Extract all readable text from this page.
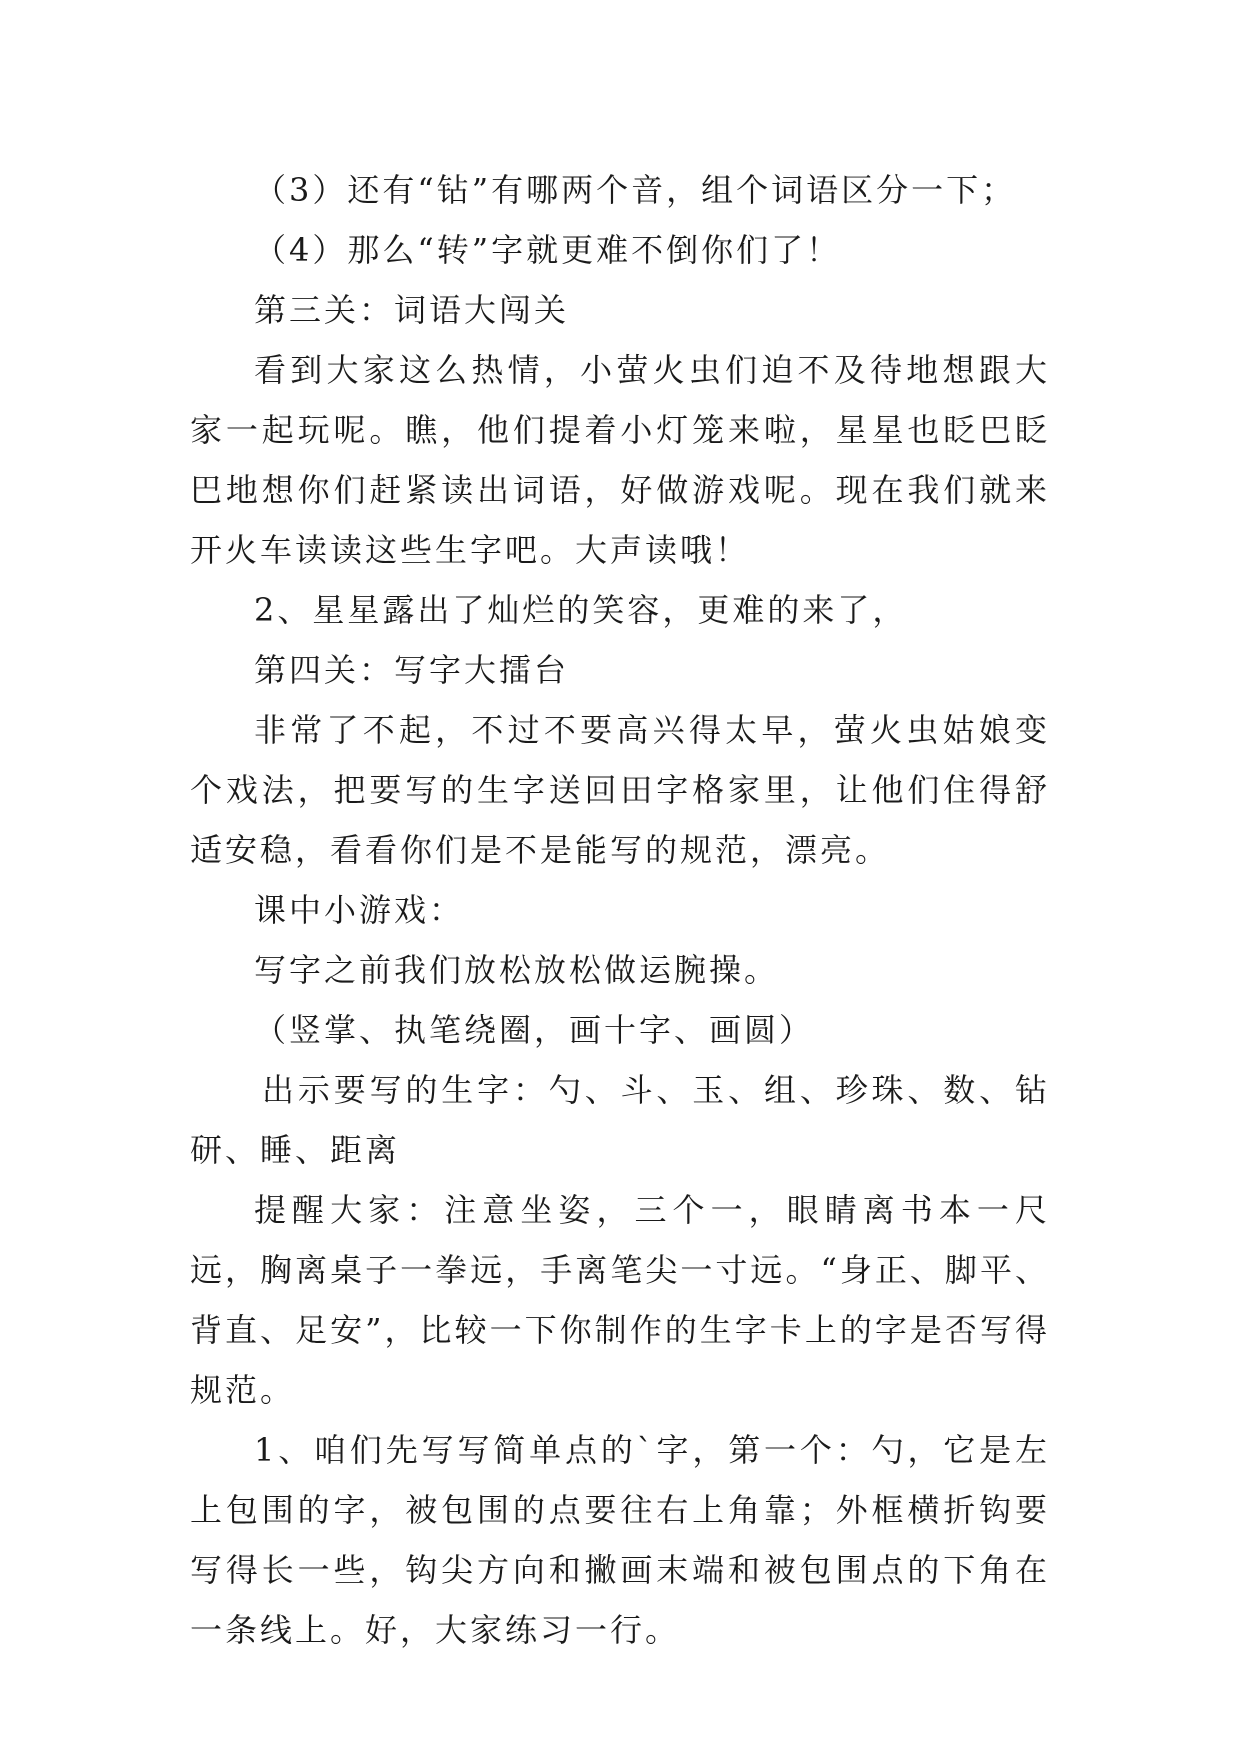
（3）还有“钻”有哪两个音，组个词语区分一下；

（4）那么“转”字就更难不倒你们了！

第三关：词语大闯关

看到大家这么热情，小萤火虫们迫不及待地想跟大家一起玩呢。瞧，他们提着小灯笼来啦，星星也眨巴眨巴地想你们赶紧读出词语，好做游戏呢。现在我们就来开火车读读这些生字吧。大声读哦！

2、星星露出了灿烂的笑容，更难的来了，

第四关：写字大擂台

非常了不起，不过不要高兴得太早，萤火虫姑娘变个戏法，把要写的生字送回田字格家里，让他们住得舒适安稳，看看你们是不是能写的规范，漂亮。

课中小游戏：

写字之前我们放松放松做运腕操。

（竖掌、执笔绕圈，画十字、画圆）

出示要写的生字：勺、斗、玉、组、珍珠、数、钻研、睡、距离

提醒大家：注意坐姿，三个一，眼睛离书本一尺远，胸离桌子一拳远，手离笔尖一寸远。“身正、脚平、背直、足安”，比较一下你制作的生字卡上的字是否写得规范。

1、咱们先写写简单点的`字，第一个：勺，它是左上包围的字，被包围的点要往右上角靠；外框横折钩要写得长一些，钩尖方向和撇画末端和被包围点的下角在一条线上。好，大家练习一行。
